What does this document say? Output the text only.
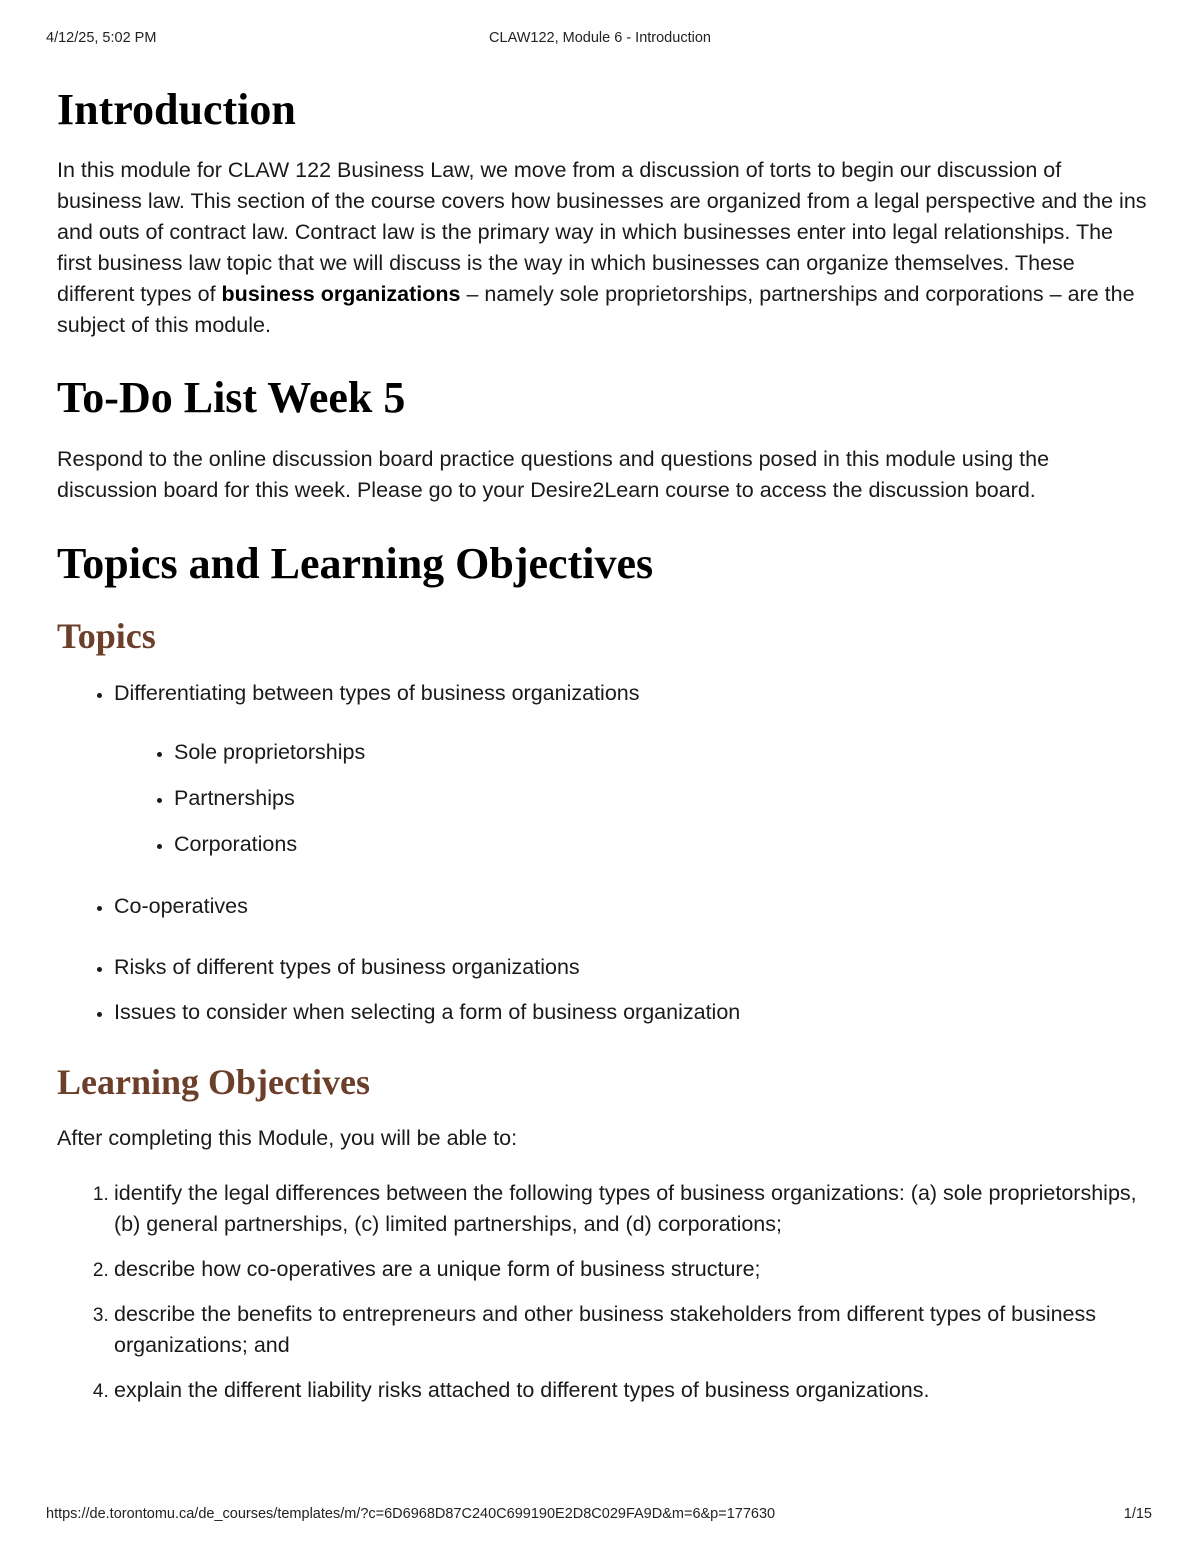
4/12/25, 5:02 PM	CLAW122, Module 6 - Introduction
Introduction

In this module for CLAW 122 Business Law, we move from a discussion of torts to begin our discussion of business law. This section of the course covers how businesses are organized from a legal perspective and the ins and outs of contract law. Contract law is the primary way in which businesses enter into legal relationships. The first business law topic that we will discuss is the way in which businesses can organize themselves. These different types of business organizations – namely sole proprietorships, partnerships and corporations – are the subject of this module.

To-Do List Week 5

Respond to the online discussion board practice questions and questions posed in this module using the discussion board for this week. Please go to your Desire2Learn course to access the discussion board.

Topics and Learning Objectives
Topics
• Differentiating between types of business organizations
• Sole proprietorships
• Partnerships
• Corporations
• Co-operatives
• Risks of different types of business organizations
• Issues to consider when selecting a form of business organization
Learning Objectives

After completing this Module, you will be able to:

1. identify the legal differences between the following types of business organizations: (a) sole proprietorships, (b) general partnerships, (c) limited partnerships, and (d) corporations;
2. describe how co-operatives are a unique form of business structure;
3. describe the benefits to entrepreneurs and other business stakeholders from different types of business organizations; and
4. explain the different liability risks attached to different types of business organizations.
https://de.torontomu.ca/de_courses/templates/m/?c=6D6968D87C240C699190E2D8C029FA9D&m=6&p=177630	1/15
